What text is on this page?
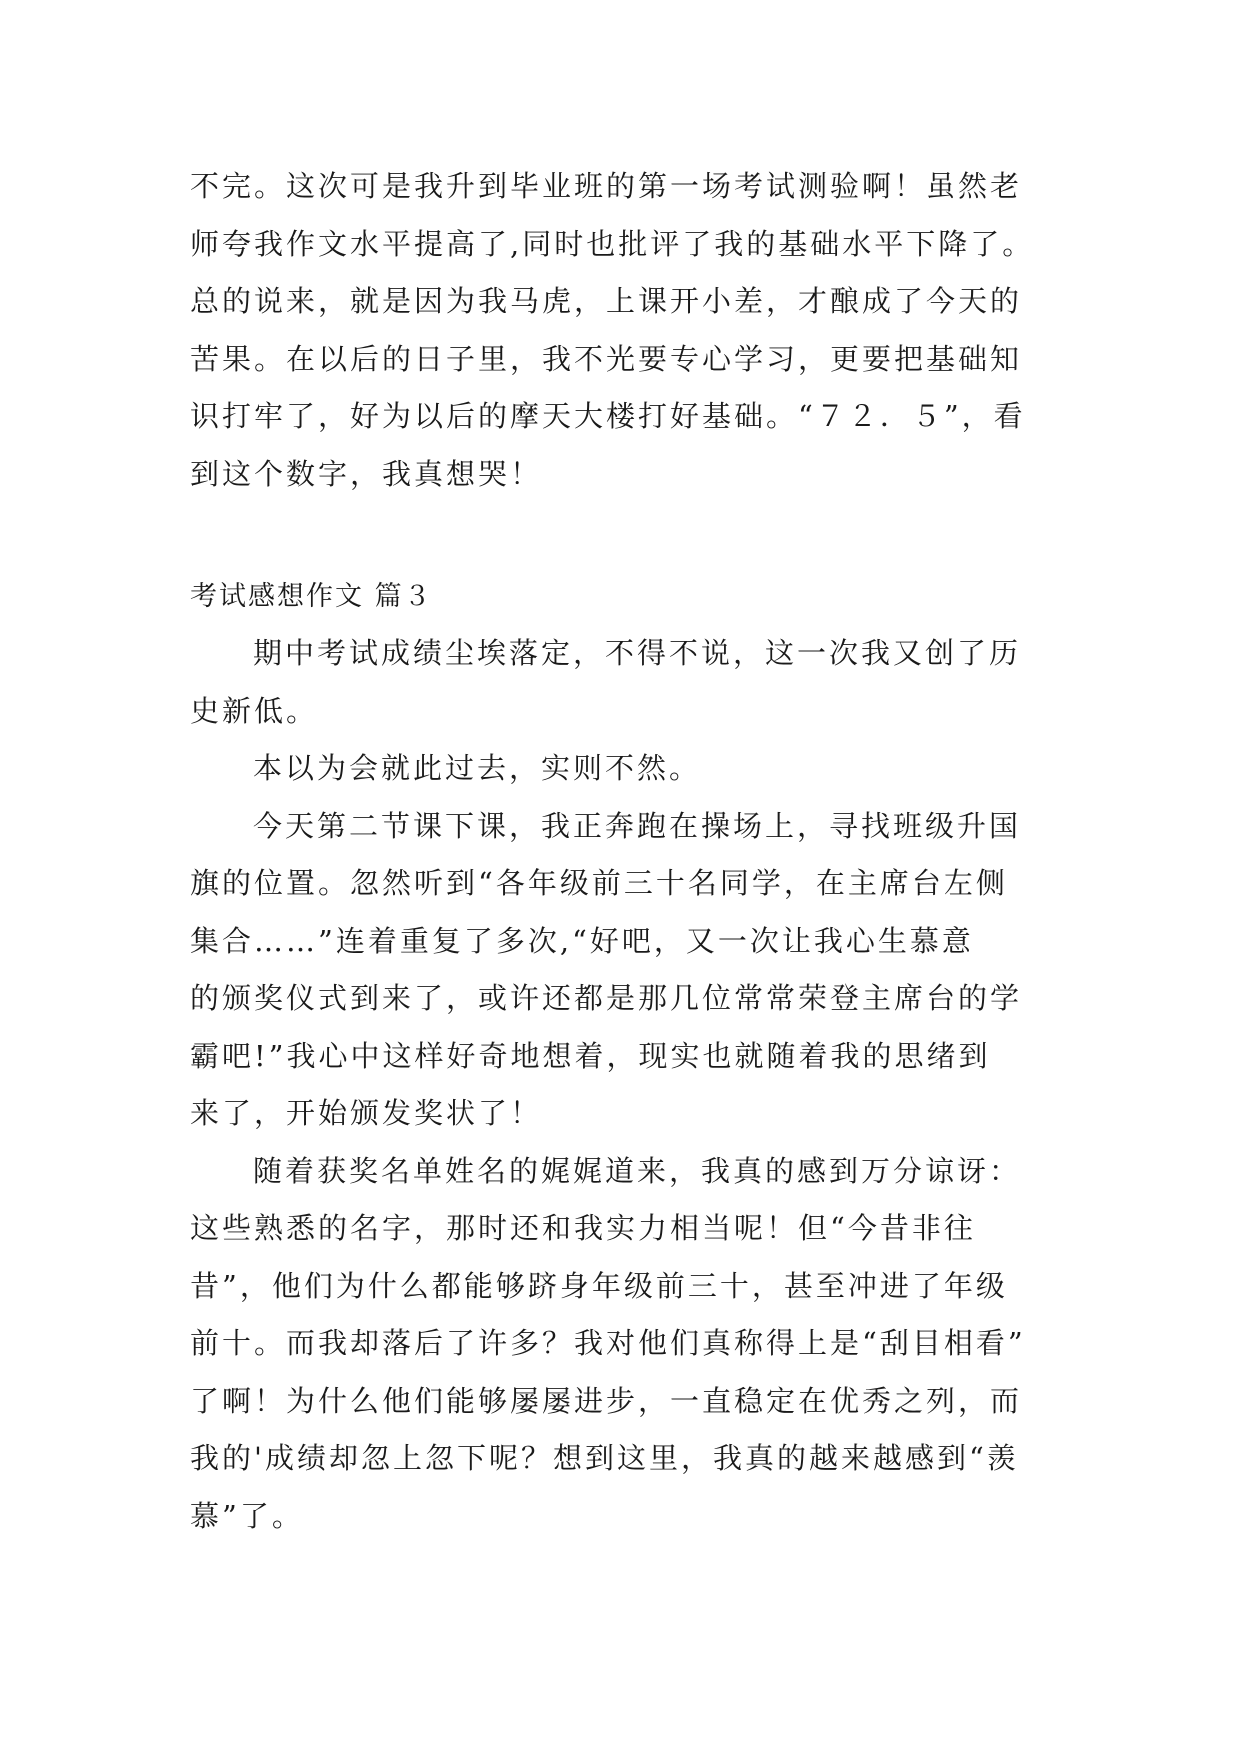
不完。这次可是我升到毕业班的第一场考试测验啊！虽然老
师夸我作文水平提高了,同时也批评了我的基础水平下降了。
总的说来，就是因为我马虎，上课开小差，才酿成了今天的
苦果。在以后的日子里，我不光要专心学习，更要把基础知
识打牢了，好为以后的摩天大楼打好基础。“７２．５”，看
到这个数字，我真想哭！
考试感想作文 篇３
期中考试成绩尘埃落定，不得不说，这一次我又创了历
史新低。
本以为会就此过去，实则不然。
今天第二节课下课，我正奔跑在操场上，寻找班级升国
旗的位置。忽然听到“各年级前三十名同学，在主席台左侧
集合……”连着重复了多次,“好吧，又一次让我心生慕意
的颁奖仪式到来了，或许还都是那几位常常荣登主席台的学
霸吧!”我心中这样好奇地想着，现实也就随着我的思绪到
来了，开始颁发奖状了！
随着获奖名单姓名的娓娓道来，我真的感到万分谅讶：
这些熟悉的名字，那时还和我实力相当呢！但“今昔非往
昔”，他们为什么都能够跻身年级前三十，甚至冲进了年级
前十。而我却落后了许多？我对他们真称得上是“刮目相看”
了啊！为什么他们能够屡屡进步，一直稳定在优秀之列，而
我的'成绩却忽上忽下呢？想到这里，我真的越来越感到“羡
慕”了。
